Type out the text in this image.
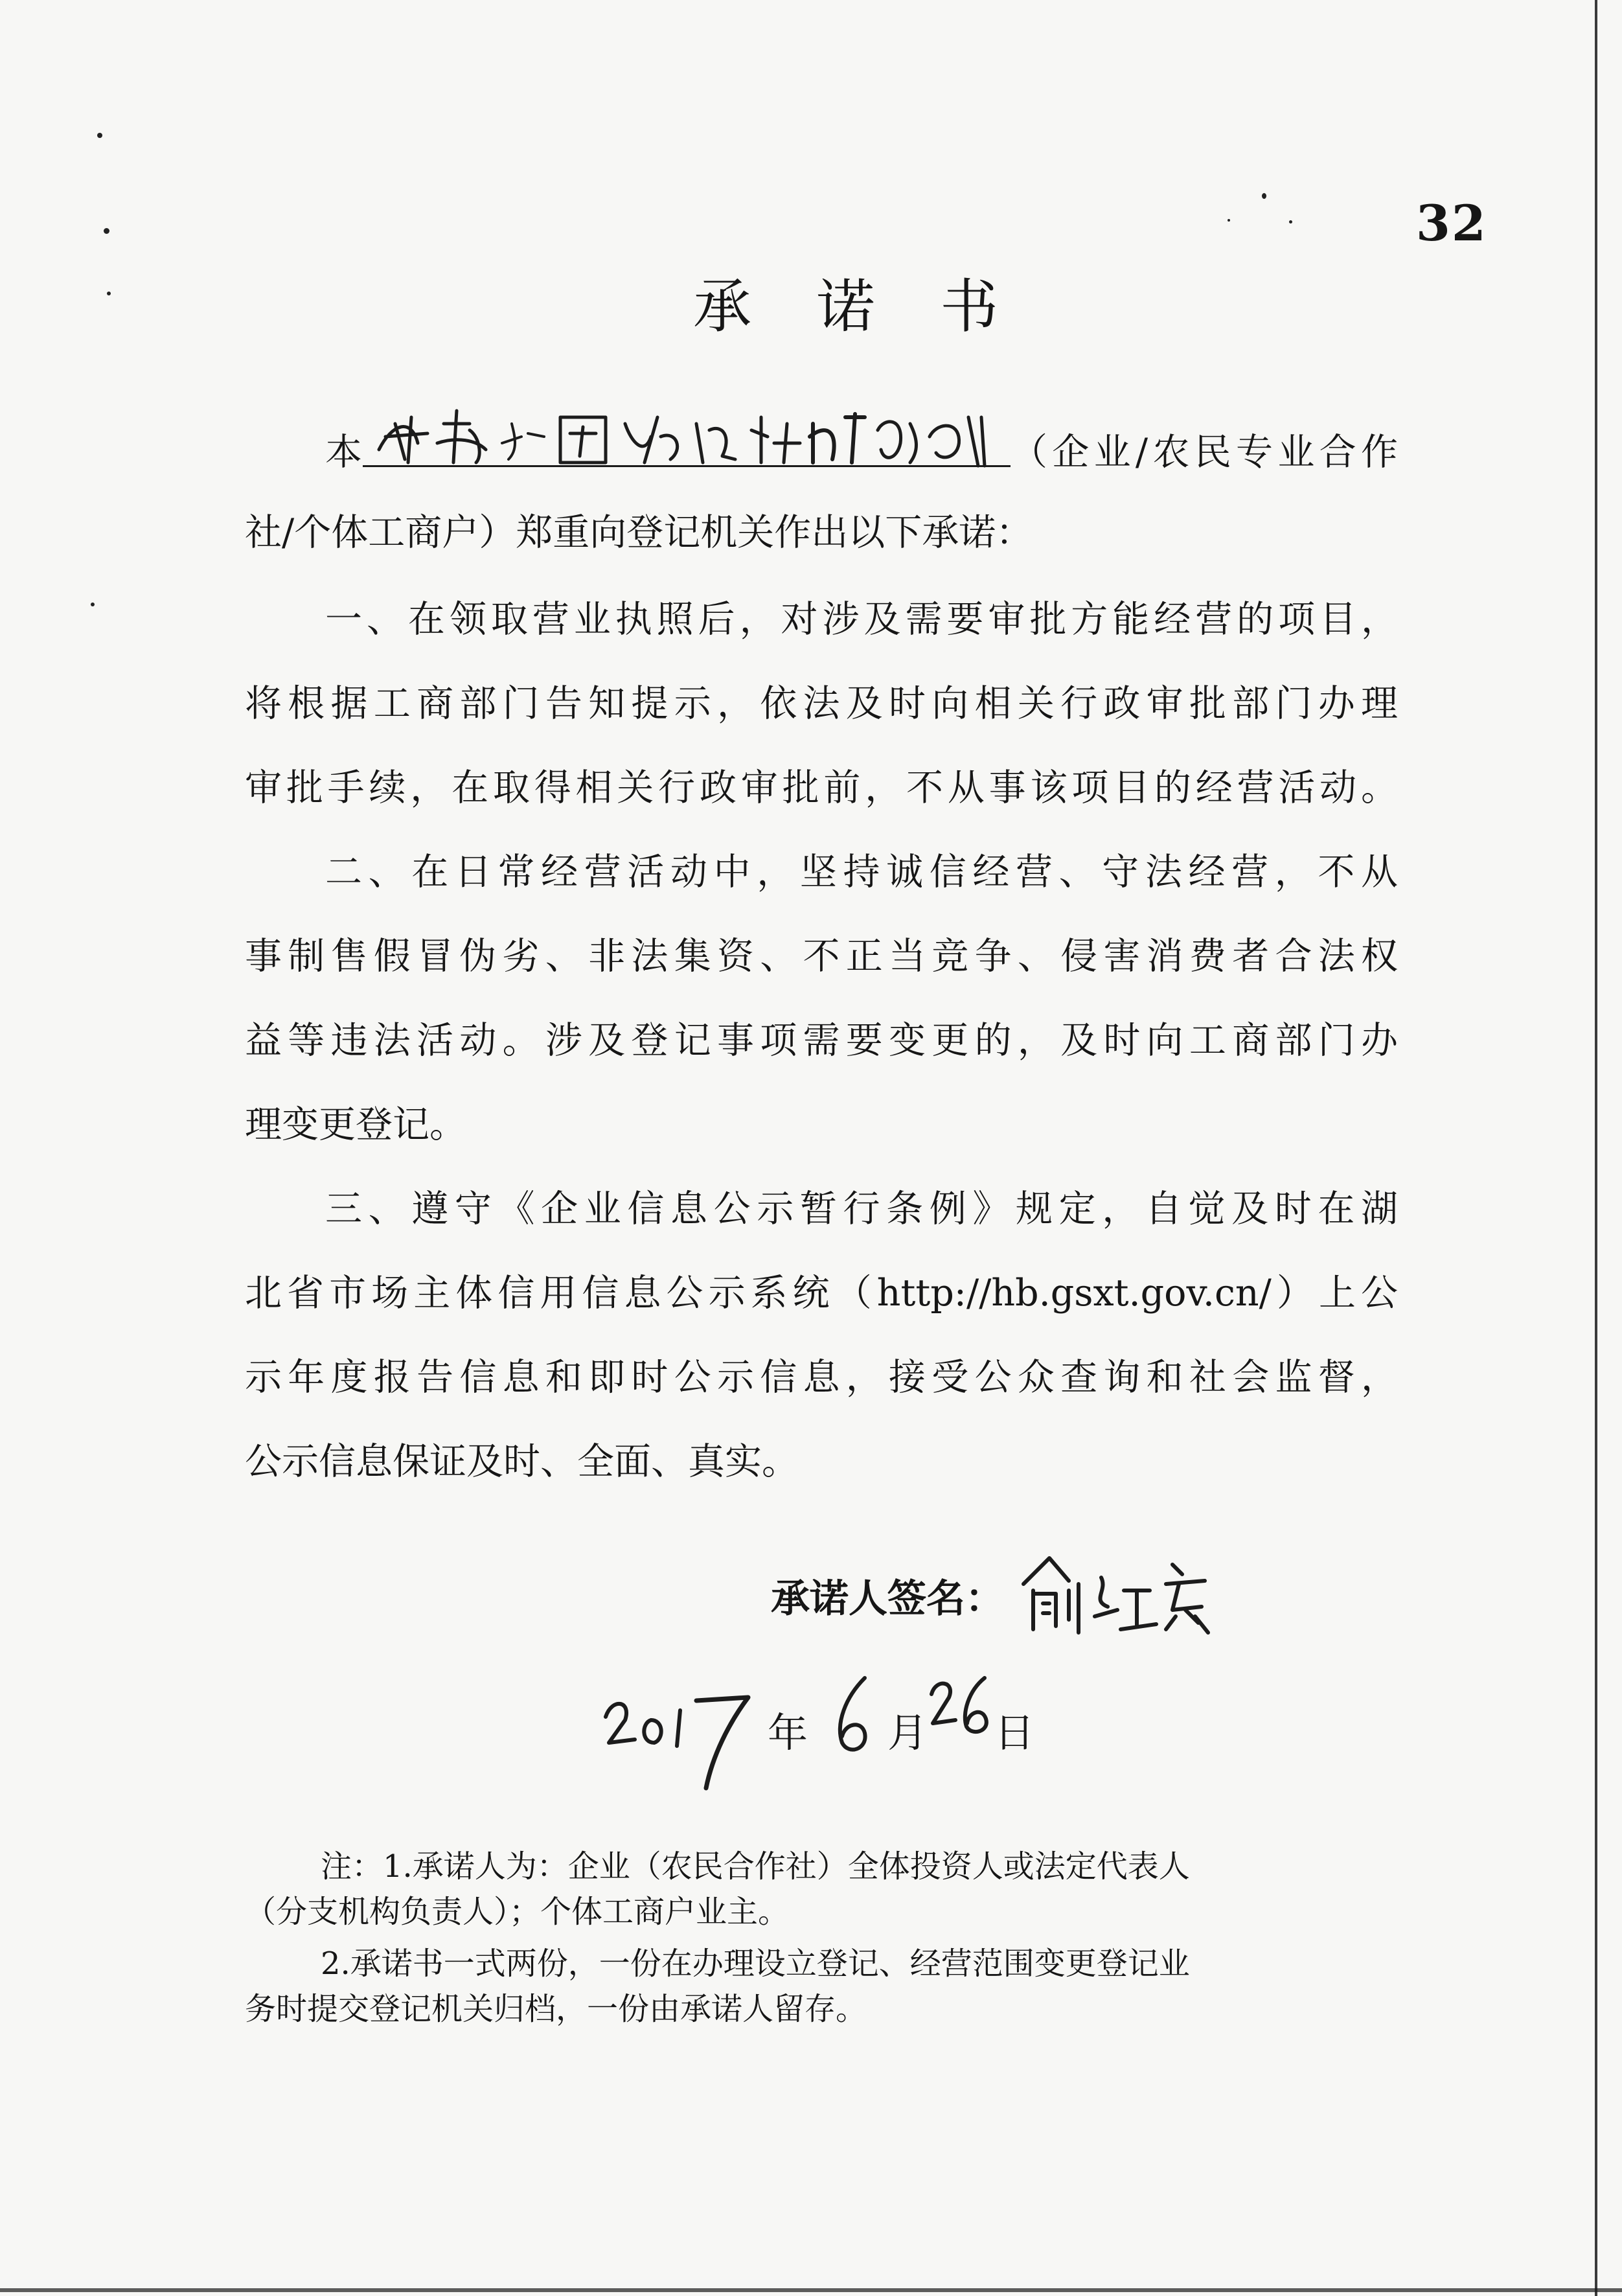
32
承 诺 书
本	（企业/农民专业合作
社/个体工商户）郑重向登记机关作出以下承诺：
一、在领取营业执照后，对涉及需要审批方能经营的项目，
将根据工商部门告知提示，依法及时向相关行政审批部门办理
审批手续，在取得相关行政审批前，不从事该项目的经营活动。
二、在日常经营活动中，坚持诚信经营、守法经营，不从
事制售假冒伪劣、非法集资、不正当竞争、侵害消费者合法权
益等违法活动。涉及登记事项需要变更的，及时向工商部门办
理变更登记。
三、遵守《企业信息公示暂行条例》规定，自觉及时在湖
北省市场主体信用信息公示系统（http://hb.gsxt.gov.cn/）上公
示年度报告信息和即时公示信息，接受公众查询和社会监督，
公示信息保证及时、全面、真实。
承诺人签名：
年 月 日
注：1.承诺人为：企业（农民合作社）全体投资人或法定代表人
（分支机构负责人）；个体工商户业主。
2.承诺书一式两份，一份在办理设立登记、经营范围变更登记业
务时提交登记机关归档，一份由承诺人留存。
